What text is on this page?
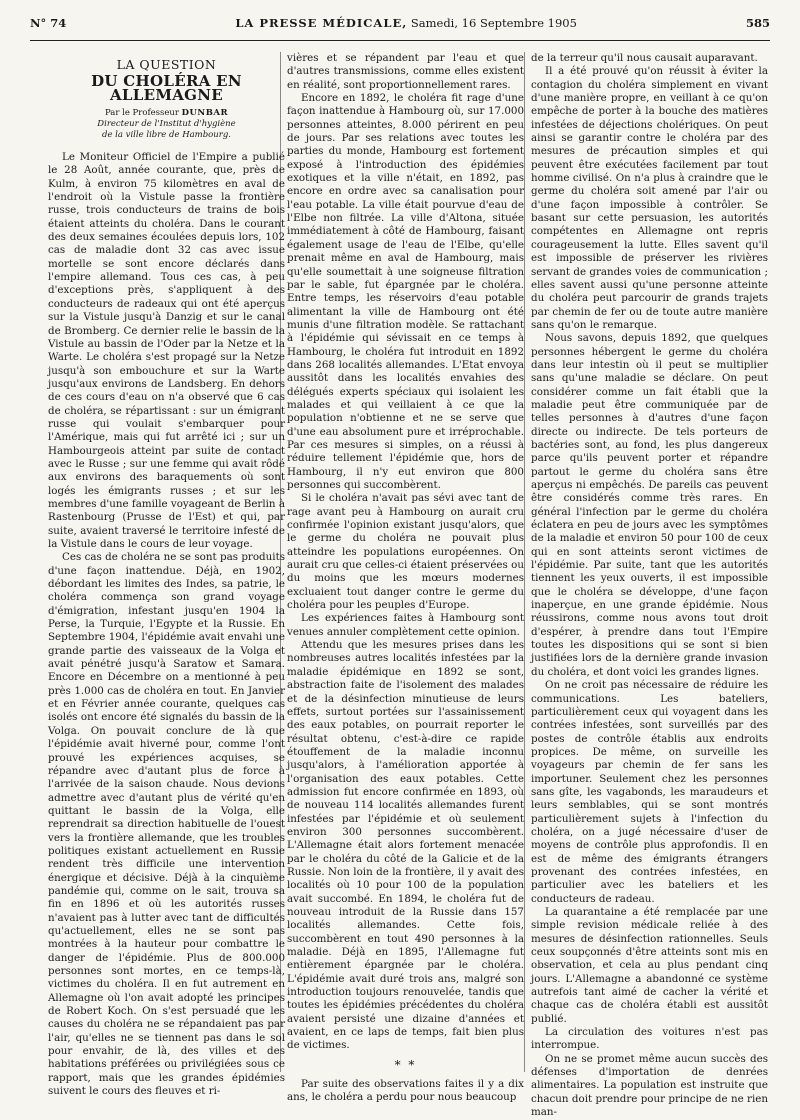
N° 74	LA PRESSE MÉDICALE, Samedi, 16 Septembre 1905	585
LA QUESTION
DU CHOLÉRA EN ALLEMAGNE
Par le Professeur DUNBAR
Directeur de l'Institut d'hygiène
de la ville libre de Hambourg.

Le Moniteur Officiel de l'Empire a publié le 28 Août, année courante, que, près de Kulm, à environ 75 kilomètres en aval de l'endroit où la Vistule passe la frontière russe, trois conducteurs de trains de bois étaient atteints du choléra. Dans le courant des deux semaines écoulées depuis lors, 102 cas de maladie dont 32 cas avec issue mortelle se sont encore déclarés dans l'empire allemand. Tous ces cas, à peu d'exceptions près, s'appliquent à des conducteurs de radeaux qui ont été aperçus sur la Vistule jusqu'à Danzig et sur le canal de Bromberg. Ce dernier relie le bassin de la Vistule au bassin de l'Oder par la Netze et la Warte. Le choléra s'est propagé sur la Netze jusqu'à son embouchure et sur la Warte jusqu'aux environs de Landsberg. En dehors de ces cours d'eau on n'a observé que 6 cas de choléra, se répartissant : sur un émigrant russe qui voulait s'embarquer pour l'Amérique, mais qui fut arrêté ici ; sur un Hambourgeois atteint par suite de contact avec le Russe ; sur une femme qui avait rôdé aux environs des baraquements où sont logés les émigrants russes ; et sur les membres d'une famille voyageant de Berlin à Rastenbourg (Prusse de l'Est) et qui, par suite, avaient traversé le territoire infesté de la Vistule dans le cours de leur voyage.

Ces cas de choléra ne se sont pas produits d'une façon inattendue. Déjà, en 1902, débordant les limites des Indes, sa patrie, le choléra commença son grand voyage d'émigration, infestant jusqu'en 1904 la Perse, la Turquie, l'Egypte et la Russie. En Septembre 1904, l'épidémie avait envahi une grande partie des vaisseaux de la Volga et avait pénétré jusqu'à Saratow et Samara. Encore en Décembre on a mentionné à peu près 1.000 cas de choléra en tout. En Janvier et en Février année courante, quelques cas isolés ont encore été signalés du bassin de la Volga. On pouvait conclure de là que l'épidémie avait hiverné pour, comme l'ont prouvé les expériences acquises, se répandre avec d'autant plus de force à l'arrivée de la saison chaude. Nous devions admettre avec d'autant plus de vérité qu'en quittant le bassin de la Volga, elle reprendrait sa direction habituelle de l'ouest vers la frontière allemande, que les troubles politiques existant actuellement en Russie rendent très difficile une intervention énergique et décisive. Déjà à la cinquième pandémie qui, comme on le sait, trouva sa fin en 1896 et où les autorités russes n'avaient pas à lutter avec tant de difficultés qu'actuellement, elles ne se sont pas montrées à la hauteur pour combattre le danger de l'épidémie. Plus de 800.000 personnes sont mortes, en ce temps-là, victimes du choléra. Il en fut autrement en Allemagne où l'on avait adopté les principes de Robert Koch. On s'est persuadé que les causes du choléra ne se répandaient pas par l'air, qu'elles ne se tiennent pas dans le sol pour envahir, de là, des villes et des habitations préférées ou privilégiées sous ce rapport, mais que les grandes épidémies suivent le cours des fleuves et ri-

vières et se répandent par l'eau et que d'autres transmissions, comme elles existent en réalité, sont proportionnellement rares.

Encore en 1892, le choléra fit rage d'une façon inattendue à Hambourg où, sur 17.000 personnes atteintes, 8.000 périrent en peu de jours. Par ses relations avec toutes les parties du monde, Hambourg est fortement exposé à l'introduction des épidémies exotiques et la ville n'était, en 1892, pas encore en ordre avec sa canalisation pour l'eau potable. La ville était pourvue d'eau de l'Elbe non filtrée. La ville d'Altona, située immédiatement à côté de Hambourg, faisant également usage de l'eau de l'Elbe, qu'elle prenait même en aval de Hambourg, mais qu'elle soumettait à une soigneuse filtration par le sable, fut épargnée par le choléra. Entre temps, les réservoirs d'eau potable alimentant la ville de Hambourg ont été munis d'une filtration modèle. Se rattachant à l'épidémie qui sévissait en ce temps à Hambourg, le choléra fut introduit en 1892 dans 268 localités allemandes. L'Etat envoya aussitôt dans les localités envahies des délégués experts spéciaux qui isolaient les malades et qui veillaient à ce que la population n'obtienne et ne se serve que d'une eau absolument pure et irréprochable. Par ces mesures si simples, on a réussi à réduire tellement l'épidémie que, hors de Hambourg, il n'y eut environ que 800 personnes qui succombèrent.

Si le choléra n'avait pas sévi avec tant de rage avant peu à Hambourg on aurait cru confirmée l'opinion existant jusqu'alors, que le germe du choléra ne pouvait plus atteindre les populations européennes. On aurait cru que celles-ci étaient préservées ou du moins que les mœurs modernes excluaient tout danger contre le germe du choléra pour les peuples d'Europe.

Les expériences faites à Hambourg sont venues annuler complètement cette opinion.

Attendu que les mesures prises dans les nombreuses autres localités infestées par la maladie épidémique en 1892 se sont, abstraction faite de l'isolement des malades et de la désinfection minutieuse de leurs effets, surtout portées sur l'assainissement des eaux potables, on pourrait reporter le résultat obtenu, c'est-à-dire ce rapide étouffement de la maladie inconnu jusqu'alors, à l'amélioration apportée à l'organisation des eaux potables. Cette admission fut encore confirmée en 1893, où de nouveau 114 localités allemandes furent infestées par l'épidémie et où seulement environ 300 personnes succombèrent. L'Allemagne était alors fortement menacée par le choléra du côté de la Galicie et de la Russie. Non loin de la frontière, il y avait des localités où 10 pour 100 de la population avait succombé. En 1894, le choléra fut de nouveau introduit de la Russie dans 157 localités allemandes. Cette fois, succombèrent en tout 490 personnes à la maladie. Déjà en 1895, l'Allemagne fut entièrement épargnée par le choléra. L'épidémie avait duré trois ans, malgré son introduction toujours renouvelée, tandis que toutes les épidémies précédentes du choléra avaient persisté une dizaine d'années et avaient, en ce laps de temps, fait bien plus de victimes.

* *

Par suite des observations faites il y a dix ans, le choléra a perdu pour nous beaucoup

de la terreur qu'il nous causait auparavant.

Il a été prouvé qu'on réussit à éviter la contagion du choléra simplement en vivant d'une manière propre, en veillant à ce qu'on empêche de porter à la bouche des matières infestées de déjections cholériques. On peut ainsi se garantir contre le choléra par des mesures de précaution simples et qui peuvent être exécutées facilement par tout homme civilisé. On n'a plus à craindre que le germe du choléra soit amené par l'air ou d'une façon impossible à contrôler. Se basant sur cette persuasion, les autorités compétentes en Allemagne ont repris courageusement la lutte. Elles savent qu'il est impossible de préserver les rivières servant de grandes voies de communication ; elles savent aussi qu'une personne atteinte du choléra peut parcourir de grands trajets par chemin de fer ou de toute autre manière sans qu'on le remarque.

Nous savons, depuis 1892, que quelques personnes hébergent le germe du choléra dans leur intestin où il peut se multiplier sans qu'une maladie se déclare. On peut considérer comme un fait établi que la maladie peut être communiquée par de telles personnes à d'autres d'une façon directe ou indirecte. De tels porteurs de bactéries sont, au fond, les plus dangereux parce qu'ils peuvent porter et répandre partout le germe du choléra sans être aperçus ni empêchés. De pareils cas peuvent être considérés comme très rares. En général l'infection par le germe du choléra éclatera en peu de jours avec les symptômes de la maladie et environ 50 pour 100 de ceux qui en sont atteints seront victimes de l'épidémie. Par suite, tant que les autorités tiennent les yeux ouverts, il est impossible que le choléra se développe, d'une façon inaperçue, en une grande épidémie. Nous réussirons, comme nous avons tout droit d'espérer, à prendre dans tout l'Empire toutes les dispositions qui se sont si bien justifiées lors de la dernière grande invasion du choléra, et dont voici les grandes lignes.

On ne croit pas nécessaire de réduire les communications. Les bateliers, particulièrement ceux qui voyagent dans les contrées infestées, sont surveillés par des postes de contrôle établis aux endroits propices. De même, on surveille les voyageurs par chemin de fer sans les importuner. Seulement chez les personnes sans gîte, les vagabonds, les maraudeurs et leurs semblables, qui se sont montrés particulièrement sujets à l'infection du choléra, on a jugé nécessaire d'user de moyens de contrôle plus approfondis. Il en est de même des émigrants étrangers provenant des contrées infestées, en particulier avec les bateliers et les conducteurs de radeau.

La quarantaine a été remplacée par une simple revision médicale reliée à des mesures de désinfection rationnelles. Seuls ceux soupçonnés d'être atteints sont mis en observation, et cela au plus pendant cinq jours. L'Allemagne a abandonné ce système autrefois tant aimé de cacher la vérité et chaque cas de choléra établi est aussitôt publié.

La circulation des voitures n'est pas interrompue.

On ne se promet même aucun succès des défenses d'importation de denrées alimentaires. La population est instruite que chacun doit prendre pour principe de ne rien man-
